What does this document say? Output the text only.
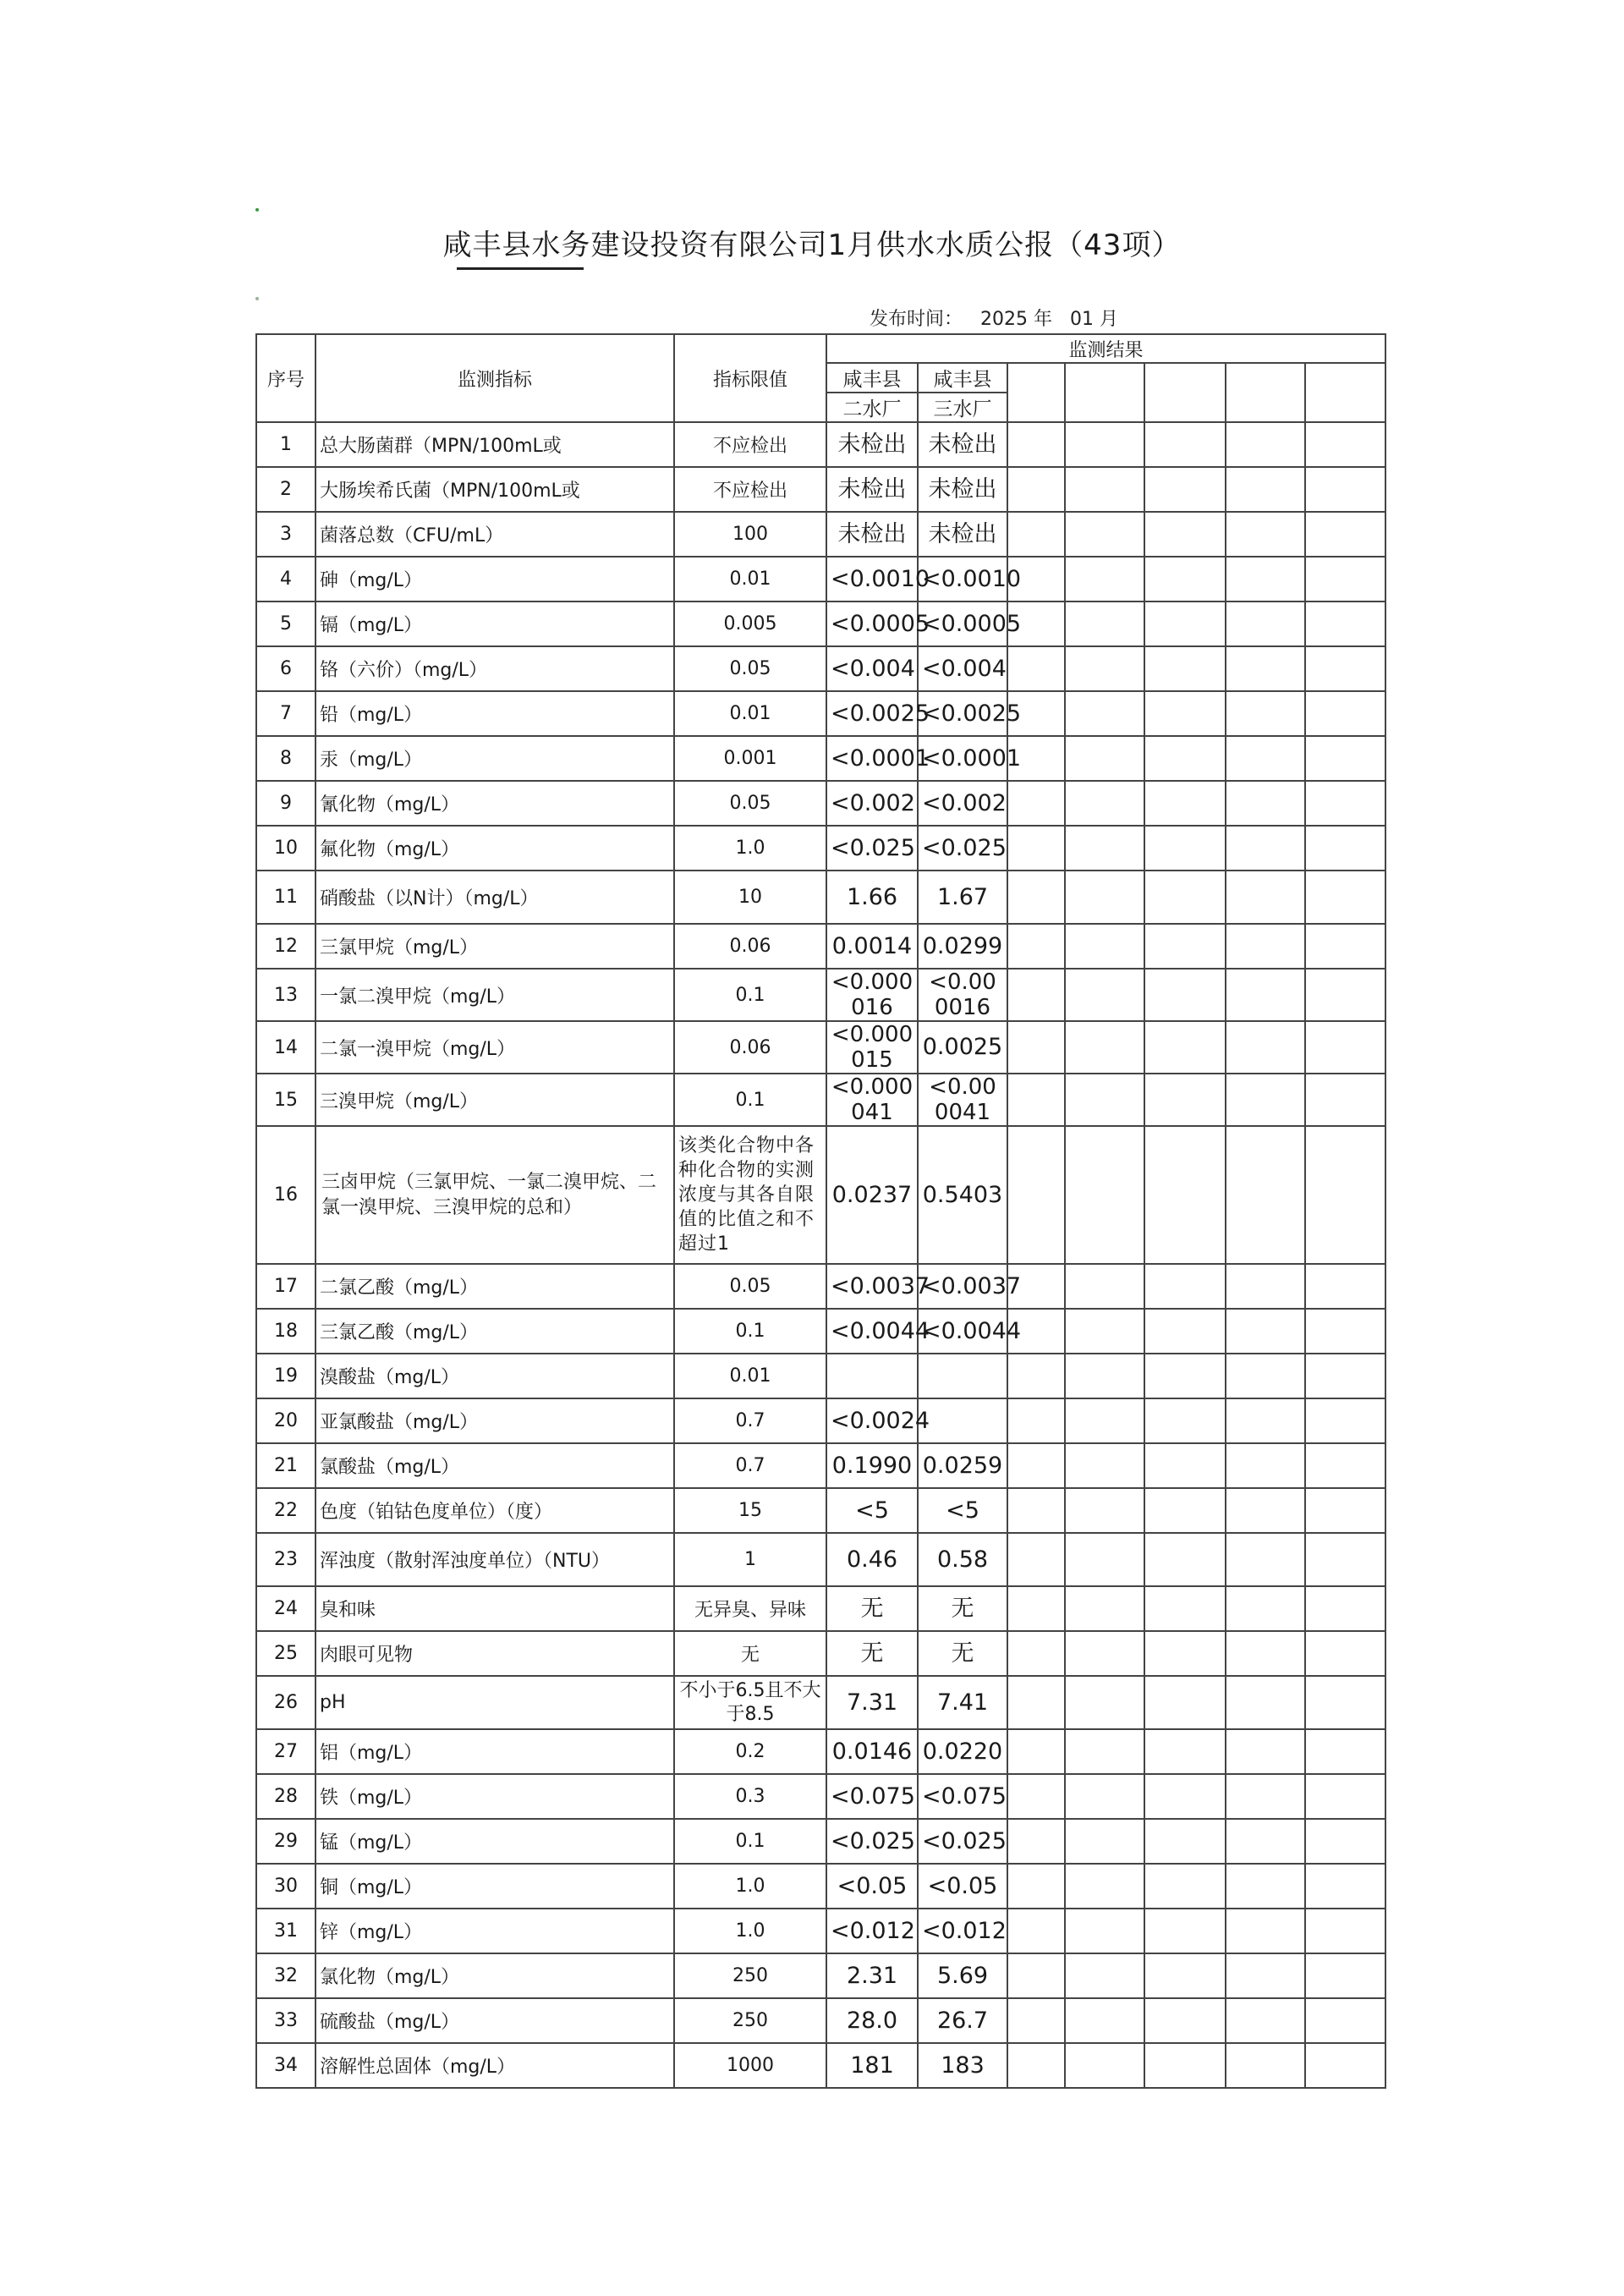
咸丰县水务建设投资有限公司1月供水水质公报（43项）
发布时间： 2025 年 01 月
序号	监测指标	指标限值	监测结果						
			咸丰县	咸丰县					
			二水厂	三水厂					
1	总大肠菌群（MPN/100mL或	不应检出	未检出	未检出					
2	大肠埃希氏菌（MPN/100mL或	不应检出	未检出	未检出					
3	菌落总数（CFU/mL）	100	未检出	未检出					
4	砷（mg/L）	0.01	<0.0010	<0.0010					
5	镉（mg/L）	0.005	<0.0005	<0.0005					
6	铬（六价）（mg/L）	0.05	<0.004	<0.004					
7	铅（mg/L）	0.01	<0.0025	<0.0025					
8	汞（mg/L）	0.001	<0.0001	<0.0001					
9	氰化物（mg/L）	0.05	<0.002	<0.002					
10	氟化物（mg/L）	1.0	<0.025	<0.025					
11	硝酸盐（以N计）（mg/L）	10	1.66	1.67					
12	三氯甲烷（mg/L）	0.06	0.0014	0.0299					
13	一氯二溴甲烷（mg/L）	0.1	<0.000016	<0.000016					
14	二氯一溴甲烷（mg/L）	0.06	<0.000015	0.0025					
15	三溴甲烷（mg/L）	0.1	<0.000041	<0.000041					
16	三卤甲烷（三氯甲烷、一氯二溴甲烷、二氯一溴甲烷、三溴甲烷的总和）	该类化合物中各种化合物的实测浓度与其各自限值的比值之和不超过1	0.0237	0.5403					
17	二氯乙酸（mg/L）	0.05	<0.0037	<0.0037					
18	三氯乙酸（mg/L）	0.1	<0.0044	<0.0044					
19	溴酸盐（mg/L）	0.01							
20	亚氯酸盐（mg/L）	0.7	<0.0024						
21	氯酸盐（mg/L）	0.7	0.1990	0.0259					
22	色度（铂钴色度单位）（度）	15	<5	<5					
23	浑浊度（散射浑浊度单位）（NTU）	1	0.46	0.58					
24	臭和味	无异臭、异味	无	无					
25	肉眼可见物	无	无	无					
26	pH	不小于6.5且不大于8.5	7.31	7.41					
27	铝（mg/L）	0.2	0.0146	0.0220					
28	铁（mg/L）	0.3	<0.075	<0.075					
29	锰（mg/L）	0.1	<0.025	<0.025					
30	铜（mg/L）	1.0	<0.05	<0.05					
31	锌（mg/L）	1.0	<0.012	<0.012					
32	氯化物（mg/L）	250	2.31	5.69					
33	硫酸盐（mg/L）	250	28.0	26.7					
34	溶解性总固体（mg/L）	1000	181	183					
